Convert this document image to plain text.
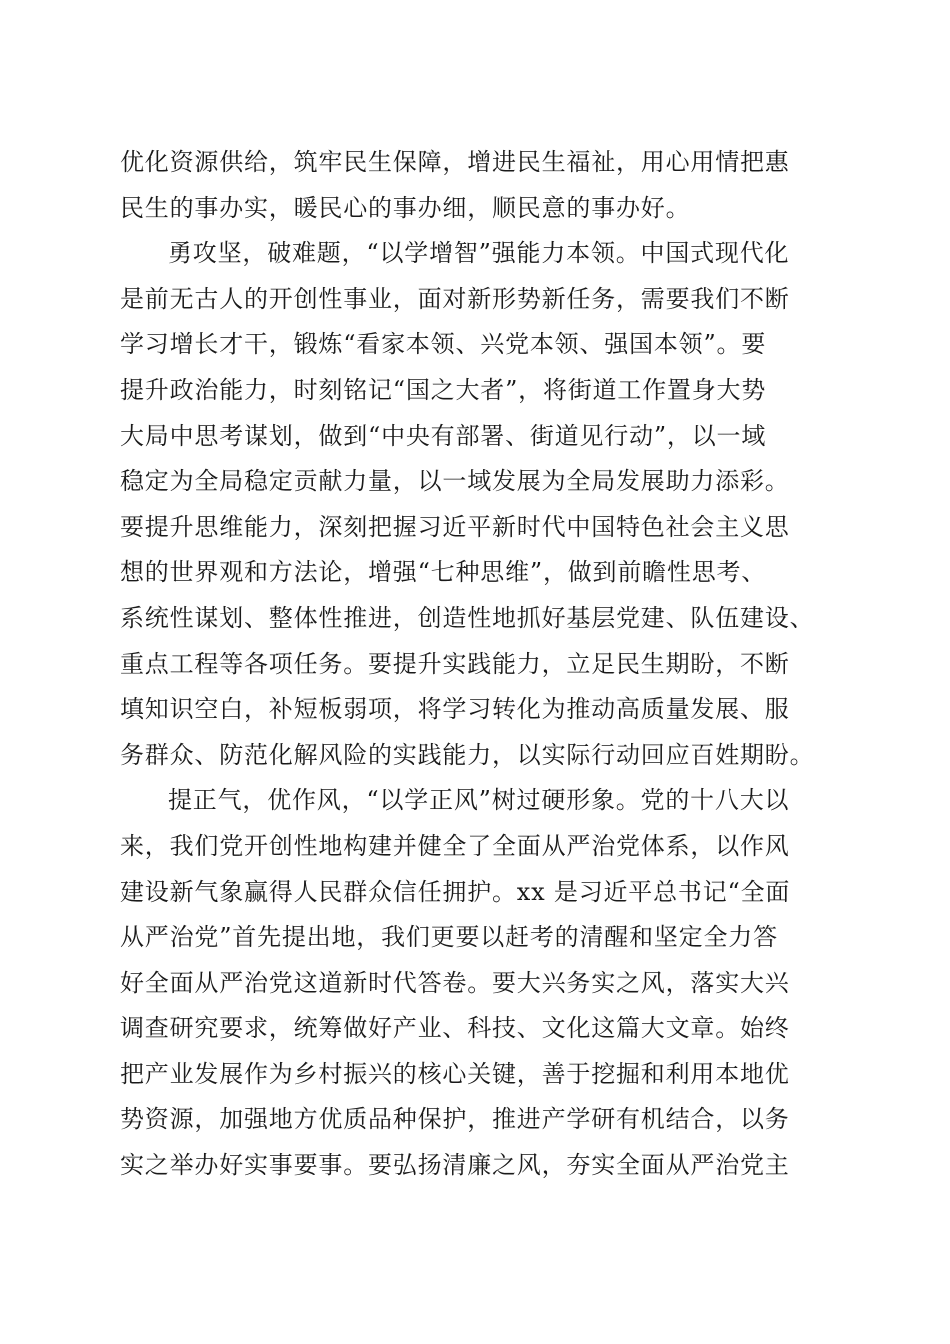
优化资源供给，筑牢民生保障，增进民生福祉，用心用情把惠
民生的事办实，暖民心的事办细，顺民意的事办好。
勇攻坚，破难题，“以学增智”强能力本领。中国式现代化
是前无古人的开创性事业，面对新形势新任务，需要我们不断
学习增长才干，锻炼“看家本领、兴党本领、强国本领”。要
提升政治能力，时刻铭记“国之大者”，将街道工作置身大势
大局中思考谋划，做到“中央有部署、街道见行动”，以一域
稳定为全局稳定贡献力量，以一域发展为全局发展助力添彩。
要提升思维能力，深刻把握习近平新时代中国特色社会主义思
想的世界观和方法论，增强“七种思维”，做到前瞻性思考、
系统性谋划、整体性推进，创造性地抓好基层党建、队伍建设、
重点工程等各项任务。要提升实践能力，立足民生期盼，不断
填知识空白，补短板弱项，将学习转化为推动高质量发展、服
务群众、防范化解风险的实践能力，以实际行动回应百姓期盼。
提正气，优作风，“以学正风”树过硬形象。党的十八大以
来，我们党开创性地构建并健全了全面从严治党体系，以作风
建设新气象赢得人民群众信任拥护。xx 是习近平总书记“全面
从严治党”首先提出地，我们更要以赶考的清醒和坚定全力答
好全面从严治党这道新时代答卷。要大兴务实之风，落实大兴
调查研究要求，统筹做好产业、科技、文化这篇大文章。始终
把产业发展作为乡村振兴的核心关键，善于挖掘和利用本地优
势资源，加强地方优质品种保护，推进产学研有机结合，以务
实之举办好实事要事。要弘扬清廉之风，夯实全面从严治党主
